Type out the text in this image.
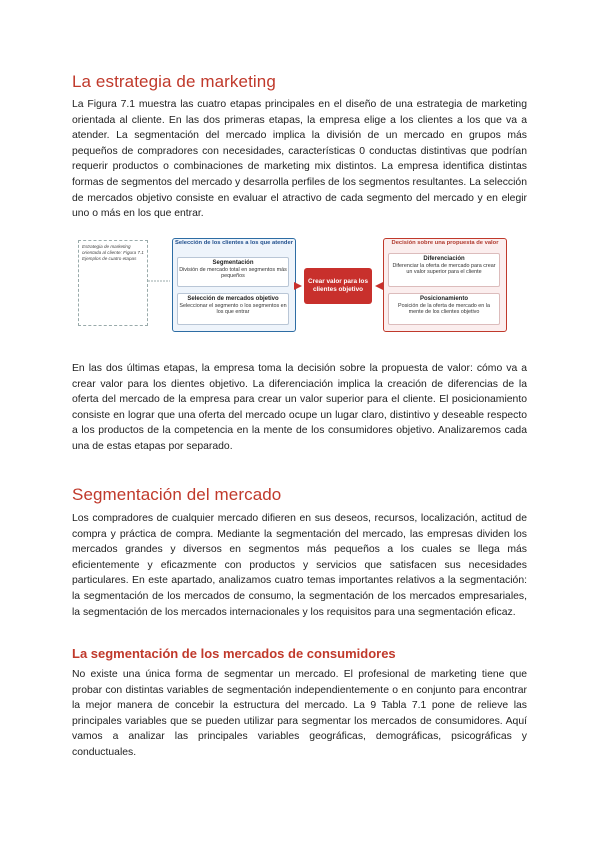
La estrategia de marketing

La Figura 7.1 muestra las cuatro etapas principales en el diseño de una estrategia de marketing orientada al cliente. En las dos primeras etapas, la empresa elige a los clientes a los que va a atender. La segmentación del mercado implica la división de un mercado en grupos más pequeños de compradores con necesidades, características 0 conductas distintivas que podrían requerir productos o combinaciones de marketing mix distintos. La empresa identifica distintas formas de segmentos del mercado y desarrolla perfiles de los segmentos resultantes. La selección de mercados objetivo consiste en evaluar el atractivo de cada segmento del mercado y en elegir uno o más en los que entrar.

Estrategia de marketing orientada al cliente: Figura 7.1 Ejemplos de cuatro etapas
Selección de los clientes a los que atender
Segmentación
División de mercado total en segmentos más pequeños
Selección de mercados objetivo
Seleccionar el segmento o los segmentos en los que entrar
Crear valor para los clientes objetivo
Decisión sobre una propuesta de valor
Diferenciación
Diferenciar la oferta de mercado para crear un valor superior para el cliente
Posicionamiento
Posición de la oferta de mercado en la mente de los clientes objetivo

En las dos últimas etapas, la empresa toma la decisión sobre la propuesta de valor: cómo va a crear valor para los dientes objetivo. La diferenciación implica la creación de diferencias de la oferta del mercado de la empresa para crear un valor superior para el cliente. El posicionamiento consiste en lograr que una oferta del mercado ocupe un lugar claro, distintivo y deseable respecto a los productos de la competencia en la mente de los consumidores objetivo. Analizaremos cada una de estas etapas por separado.

Segmentación del mercado

Los compradores de cualquier mercado difieren en sus deseos, recursos, localización, actitud de compra y práctica de compra. Mediante la segmentación del mercado, las empresas dividen los mercados grandes y diversos en segmentos más pequeños a los cuales se llega más eficientemente y eficazmente con productos y servicios que satisfacen sus necesidades particulares. En este apartado, analizamos cuatro temas importantes relativos a la segmentación: la segmentación de los mercados de consumo, la segmentación de los mercados empresariales, la segmentación de los mercados internacionales y los requisitos para una segmentación eficaz.

La segmentación de los mercados de consumidores

No existe una única forma de segmentar un mercado. El profesional de marketing tiene que probar con distintas variables de segmentación independientemente o en conjunto para encontrar la mejor manera de concebir la estructura del mercado. La 9 Tabla 7.1 pone de relieve las principales variables que se pueden utilizar para segmentar los mercados de consumidores. Aquí vamos a analizar las principales variables geográficas, demográficas, psicográficas y conductuales.
